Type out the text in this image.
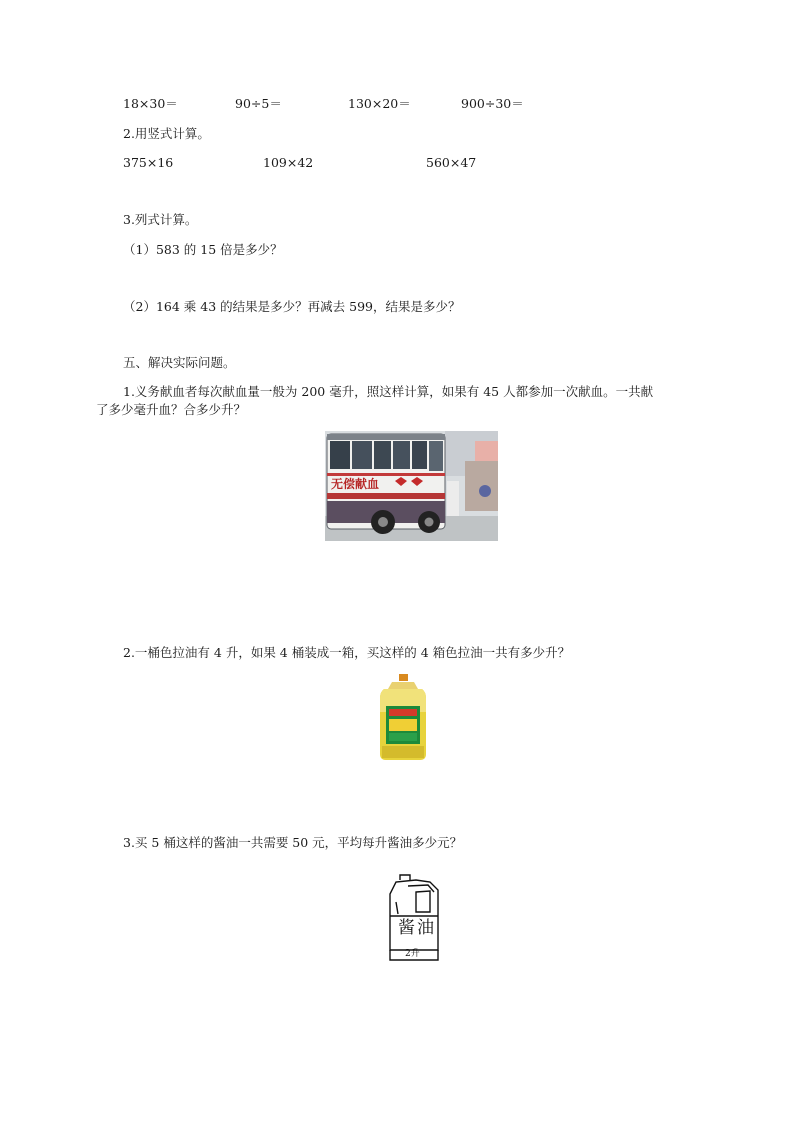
18×30＝	90÷5＝	130×20＝	900÷30＝
2.用竖式计算。
375×16	109×42	560×47
3.列式计算。
（1）583 的 15 倍是多少？
（2）164 乘 43 的结果是多少？再减去 599，结果是多少？
五、解决实际问题。
1.义务献血者每次献血量一般为 200 毫升，照这样计算，如果有 45 人都参加一次献血。一共献
了多少毫升血？合多少升？
无偿献血
2.一桶色拉油有 4 升，如果 4 桶装成一箱，买这样的 4 箱色拉油一共有多少升？
3.买 5 桶这样的酱油一共需要 50 元，平均每升酱油多少元？
酱油
2升
